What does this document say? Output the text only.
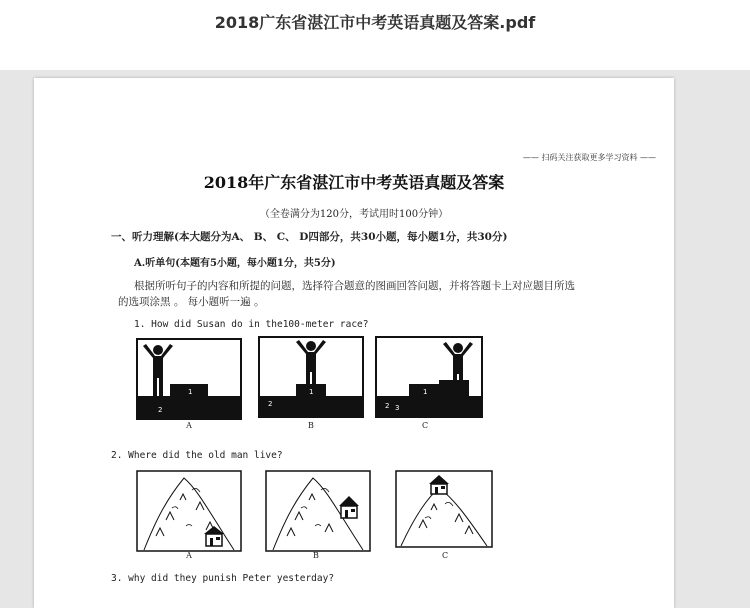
2018广东省湛江市中考英语真题及答案.pdf
—— 扫码关注获取更多学习资料 ——
2018年广东省湛江市中考英语真题及答案
（全卷满分为120分，考试用时100分钟）
一、听力理解(本大题分为A、 B、 C、 D四部分，共30小题，每小题1分，共30分)
A.听单句(本题有5小题，每小题1分，共5分)
根据所听句子的内容和所提的问题，选择符合题意的图画回答问题，并将答题卡上对应题目所选
的选项涂黑 。 每小题听一遍 。
1. How did Susan do in the100-meter race?
1
2	3
A
1
2
3
B
1
2 3
C
2. Where did the old man live?
A	B	C
3. why did they punish Peter yesterday?
